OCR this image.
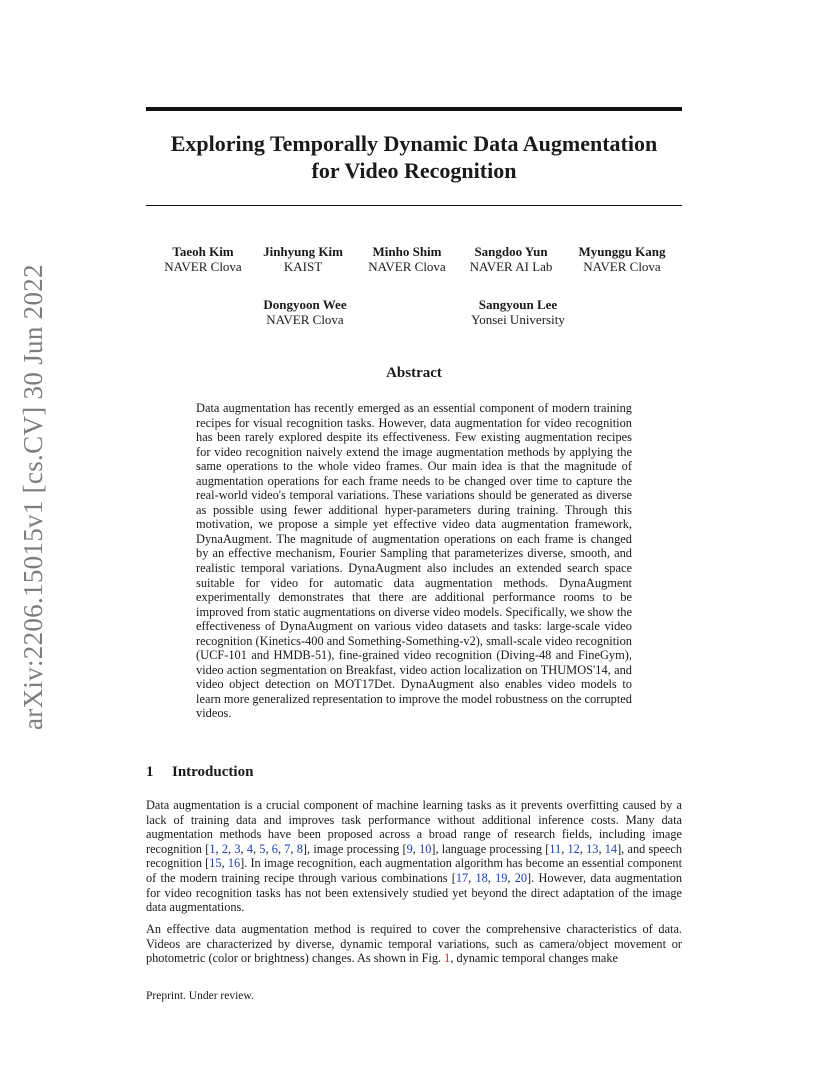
arXiv:2206.15015v1 [cs.CV] 30 Jun 2022
Exploring Temporally Dynamic Data Augmentation
for Video Recognition
Taeoh Kim
NAVER Clova
Jinhyung Kim
KAIST
Minho Shim
NAVER Clova
Sangdoo Yun
NAVER AI Lab
Myunggu Kang
NAVER Clova
Dongyoon Wee
NAVER Clova
Sangyoun Lee
Yonsei University
Abstract

Data augmentation has recently emerged as an essential component of modern training recipes for visual recognition tasks. However, data augmentation for video recognition has been rarely explored despite its effectiveness. Few existing augmentation recipes for video recognition naively extend the image augmentation methods by applying the same operations to the whole video frames. Our main idea is that the magnitude of augmentation operations for each frame needs to be changed over time to capture the real-world video's temporal variations. These variations should be generated as diverse as possible using fewer additional hyper-parameters during training. Through this motivation, we propose a simple yet effective video data augmentation framework, DynaAugment. The magnitude of augmentation operations on each frame is changed by an effective mechanism, Fourier Sampling that parameterizes diverse, smooth, and realistic temporal variations. DynaAugment also includes an extended search space suitable for video for automatic data augmentation methods. DynaAugment experimentally demonstrates that there are additional performance rooms to be improved from static augmentations on diverse video models. Specifically, we show the effectiveness of DynaAugment on various video datasets and tasks: large-scale video recognition (Kinetics-400 and Something-Something-v2), small-scale video recognition (UCF-101 and HMDB-51), fine-grained video recognition (Diving-48 and FineGym), video action segmentation on Breakfast, video action localization on THUMOS'14, and video object detection on MOT17Det. DynaAugment also enables video models to learn more generalized representation to improve the model robustness on the corrupted videos.

1 Introduction

Data augmentation is a crucial component of machine learning tasks as it prevents overfitting caused by a lack of training data and improves task performance without additional inference costs. Many data augmentation methods have been proposed across a broad range of research fields, including image recognition [1, 2, 3, 4, 5, 6, 7, 8], image processing [9, 10], language processing [11, 12, 13, 14], and speech recognition [15, 16]. In image recognition, each augmentation algorithm has become an essential component of the modern training recipe through various combinations [17, 18, 19, 20]. However, data augmentation for video recognition tasks has not been extensively studied yet beyond the direct adaptation of the image data augmentations.

An effective data augmentation method is required to cover the comprehensive characteristics of data. Videos are characterized by diverse, dynamic temporal variations, such as camera/object movement or photometric (color or brightness) changes. As shown in Fig. 1, dynamic temporal changes make

Preprint. Under review.
